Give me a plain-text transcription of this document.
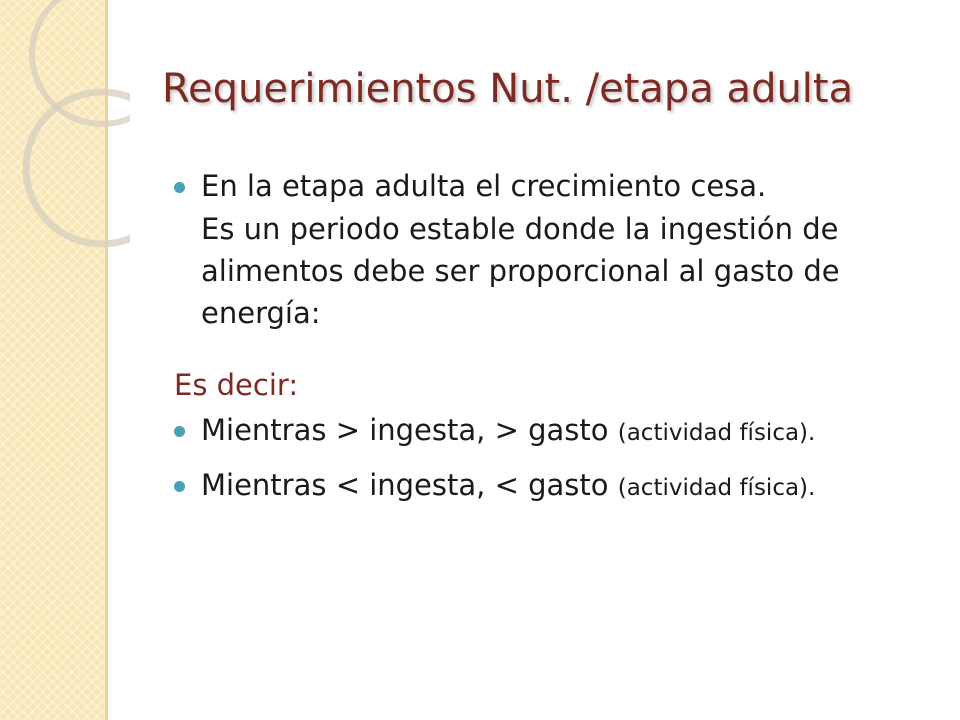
Requerimientos Nut. /etapa adulta
En la etapa adulta el crecimiento cesa.
Es un periodo estable donde la ingestión de alimentos debe ser proporcional al gasto de energía:
Es decir:
Mientras > ingesta, > gasto (actividad física).
Mientras < ingesta, < gasto (actividad física).
